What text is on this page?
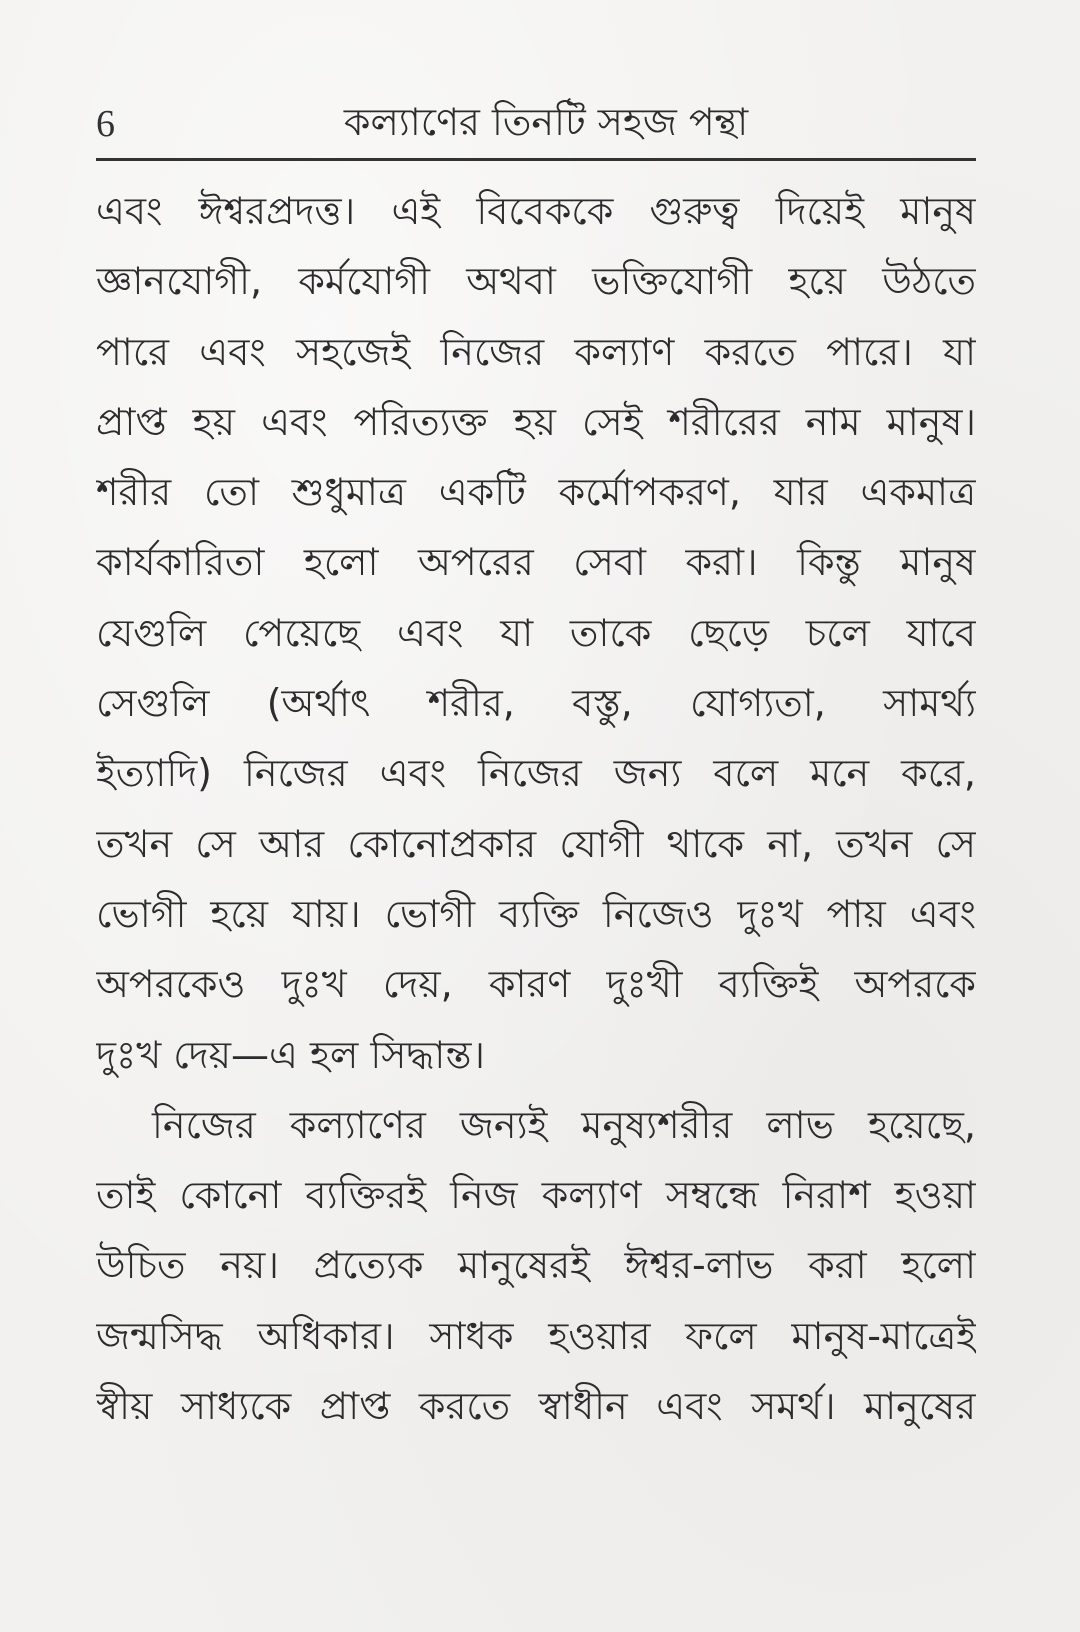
6	কল্যাণের তিনটি সহজ পন্থা
এবং ঈশ্বরপ্রদত্ত। এই বিবেককে গুরুত্ব দিয়েই মানুষ
জ্ঞানযোগী, কর্মযোগী অথবা ভক্তিযোগী হয়ে উঠতে
পারে এবং সহজেই নিজের কল্যাণ করতে পারে। যা
প্রাপ্ত হয় এবং পরিত্যক্ত হয় সেই শরীরের নাম মানুষ।
শরীর তো শুধুমাত্র একটি কর্মোপকরণ, যার একমাত্র
কার্যকারিতা হলো অপরের সেবা করা। কিন্তু মানুষ
যেগুলি পেয়েছে এবং যা তাকে ছেড়ে চলে যাবে
সেগুলি (অর্থাৎ শরীর, বস্তু, যোগ্যতা, সামর্থ্য
ইত্যাদি) নিজের এবং নিজের জন্য বলে মনে করে,
তখন সে আর কোনোপ্রকার যোগী থাকে না, তখন সে
ভোগী হয়ে যায়। ভোগী ব্যক্তি নিজেও দুঃখ পায় এবং
অপরকেও দুঃখ দেয়, কারণ দুঃখী ব্যক্তিই অপরকে
দুঃখ দেয়—এ হল সিদ্ধান্ত।
নিজের কল্যাণের জন্যই মনুষ্যশরীর লাভ হয়েছে,
তাই কোনো ব্যক্তিরই নিজ কল্যাণ সম্বন্ধে নিরাশ হওয়া
উচিত নয়। প্রত্যেক মানুষেরই ঈশ্বর-লাভ করা হলো
জন্মসিদ্ধ অধিকার। সাধক হওয়ার ফলে মানুষ-মাত্রেই
স্বীয় সাধ্যকে প্রাপ্ত করতে স্বাধীন এবং সমর্থ। মানুষের
